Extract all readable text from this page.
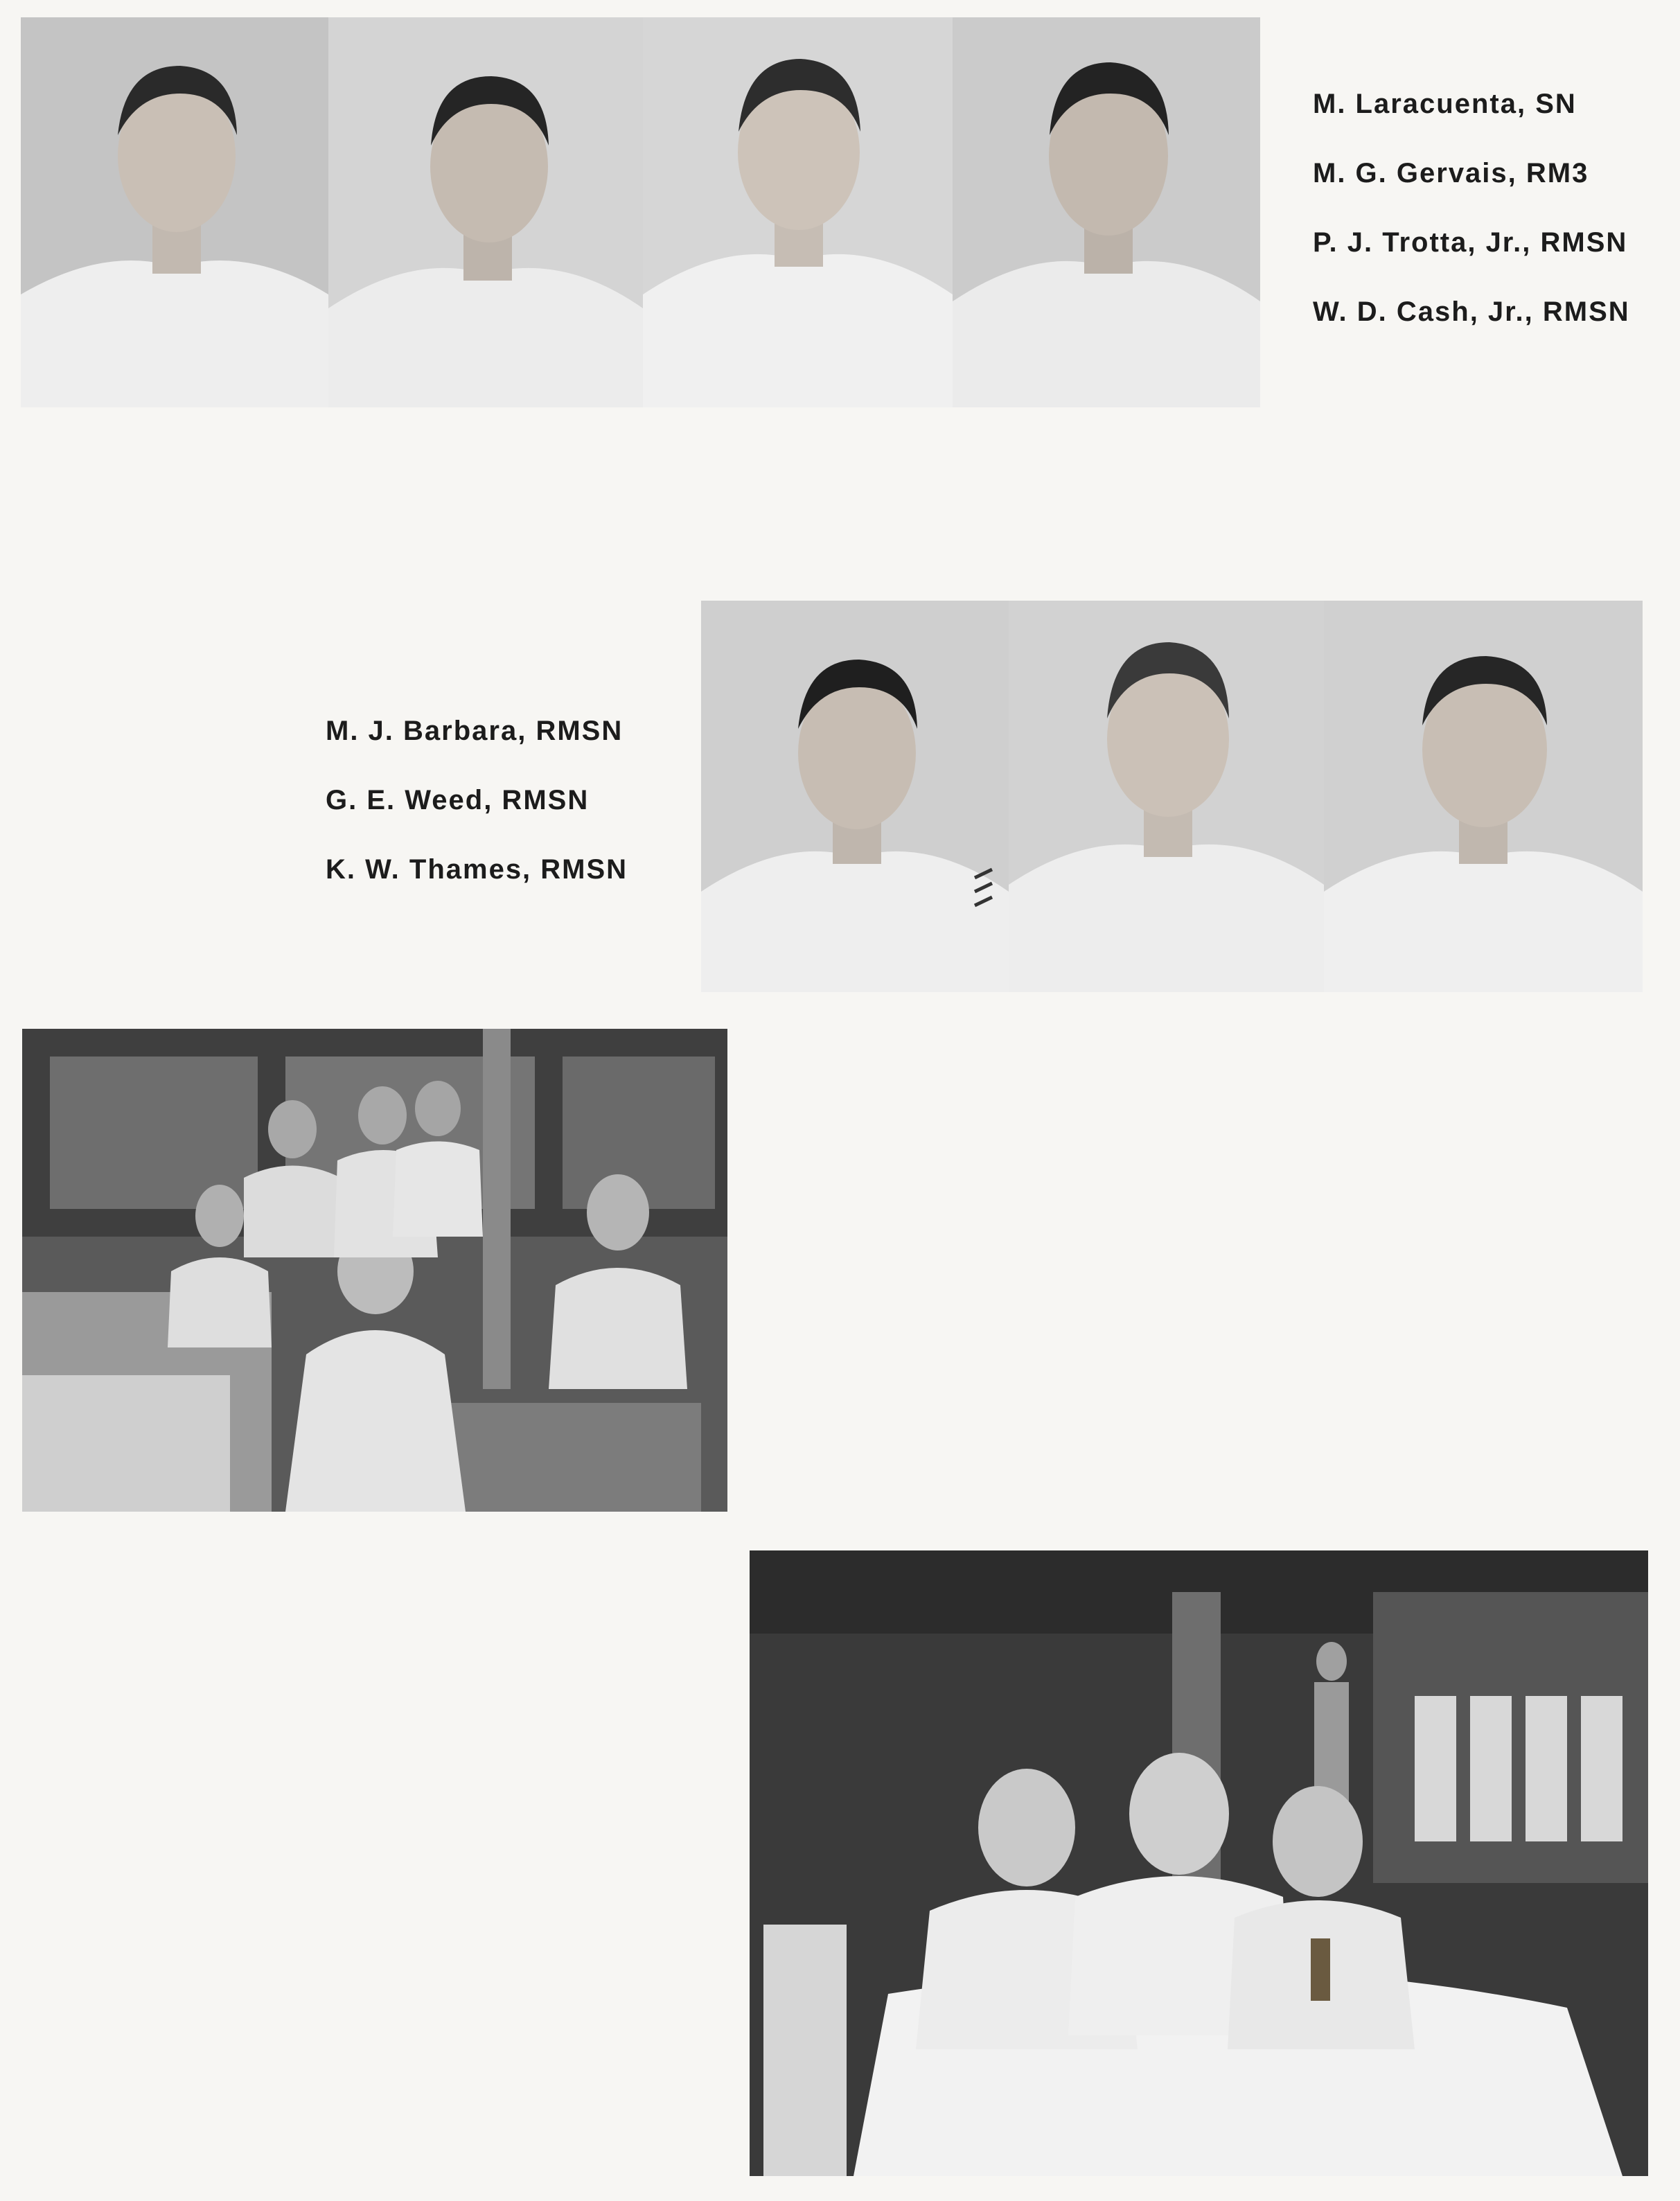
M. Laracuenta, SN
M. G. Gervais, RM3
P. J. Trotta, Jr., RMSN
W. D. Cash, Jr., RMSN
M. J. Barbara, RMSN
G. E. Weed, RMSN
K. W. Thames, RMSN
